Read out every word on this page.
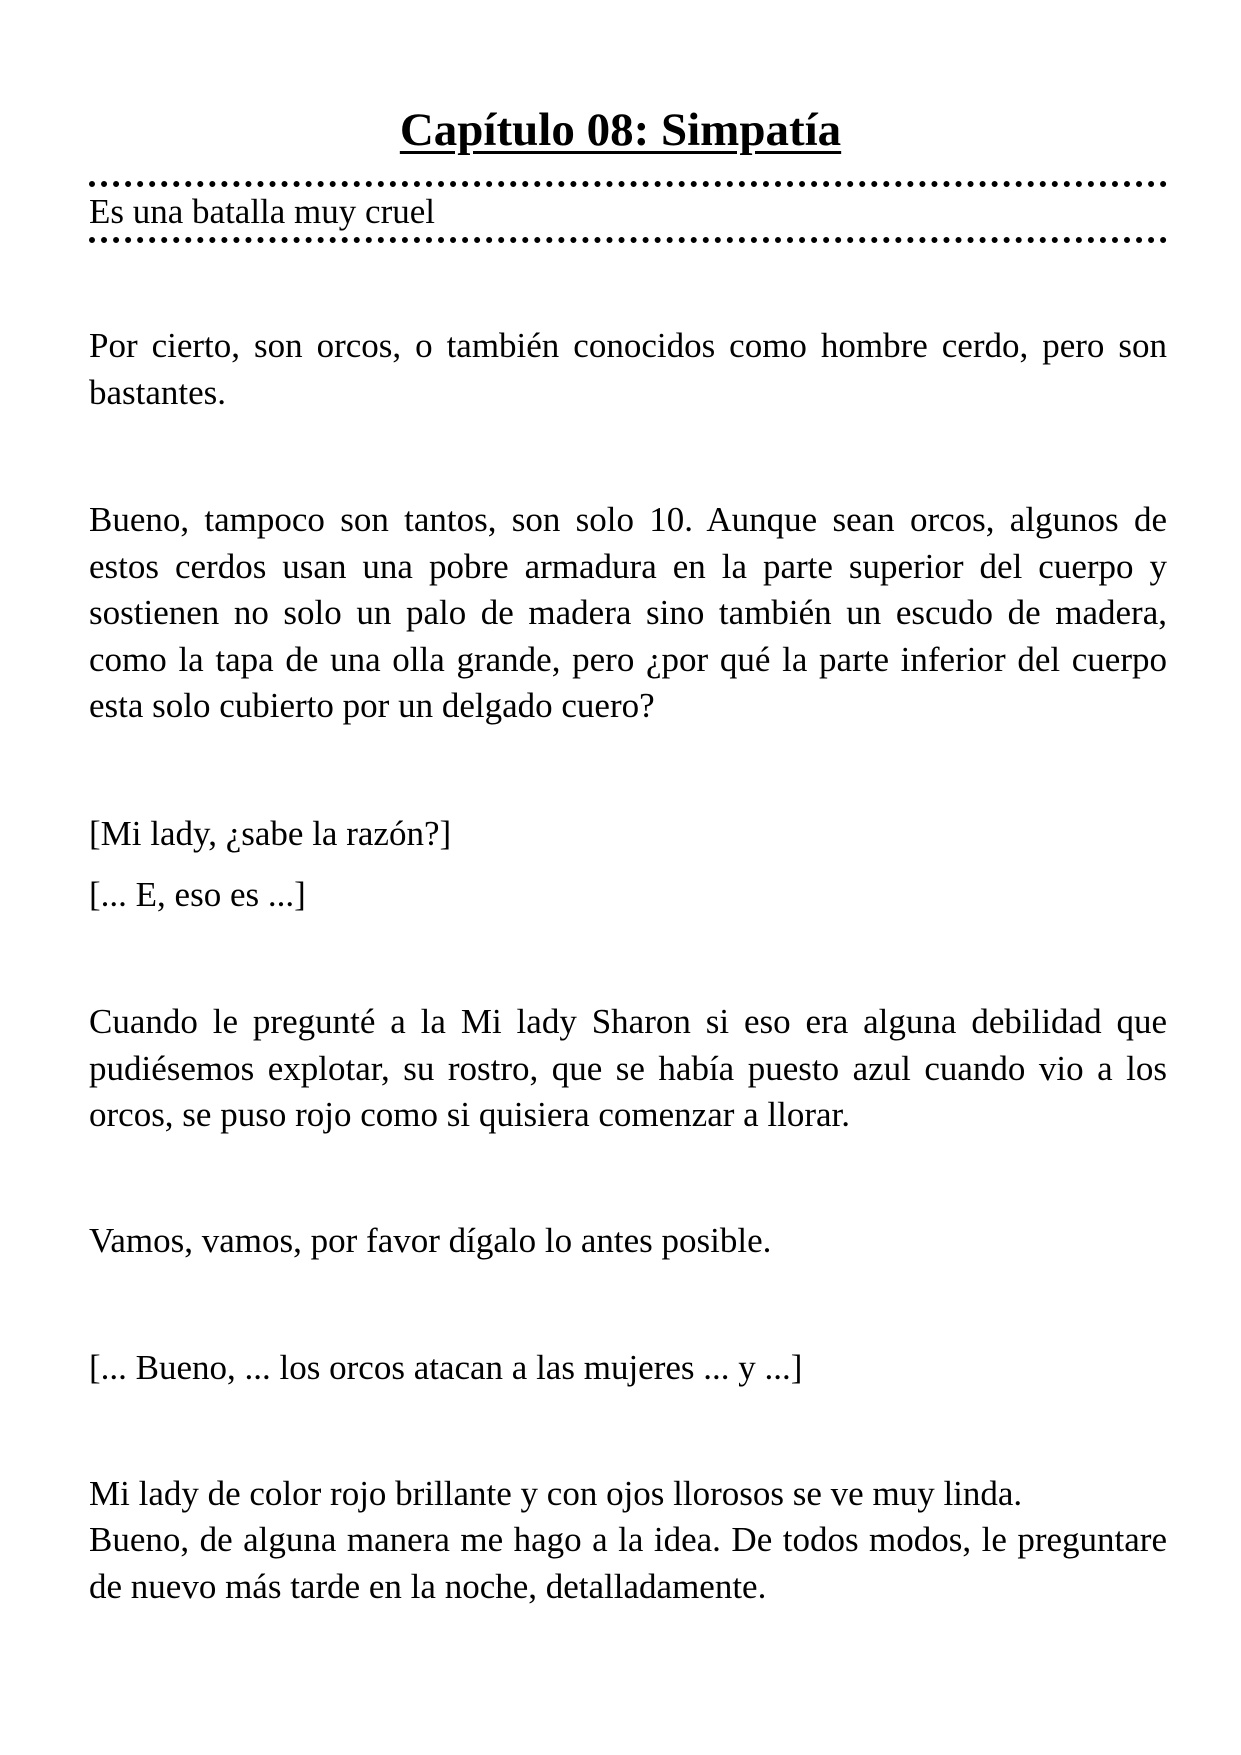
Capítulo 08: Simpatía
Es una batalla muy cruel

Por cierto, son orcos, o también conocidos como hombre cerdo, pero son bastantes.

Bueno, tampoco son tantos, son solo 10. Aunque sean orcos, algunos de estos cerdos usan una pobre armadura en la parte superior del cuerpo y sostienen no solo un palo de madera sino también un escudo de madera, como la tapa de una olla grande, pero ¿por qué la parte inferior del cuerpo esta solo cubierto por un delgado cuero?

[Mi lady, ¿sabe la razón?]

[... E, eso es ...]

Cuando le pregunté a la Mi lady Sharon si eso era alguna debilidad que pudiésemos explotar, su rostro, que se había puesto azul cuando vio a los orcos, se puso rojo como si quisiera comenzar a llorar.

Vamos, vamos, por favor dígalo lo antes posible.

[... Bueno, ... los orcos atacan a las mujeres ... y ...]

Mi lady de color rojo brillante y con ojos llorosos se ve muy linda.

Bueno, de alguna manera me hago a la idea. De todos modos, le preguntare de nuevo más tarde en la noche, detalladamente.
